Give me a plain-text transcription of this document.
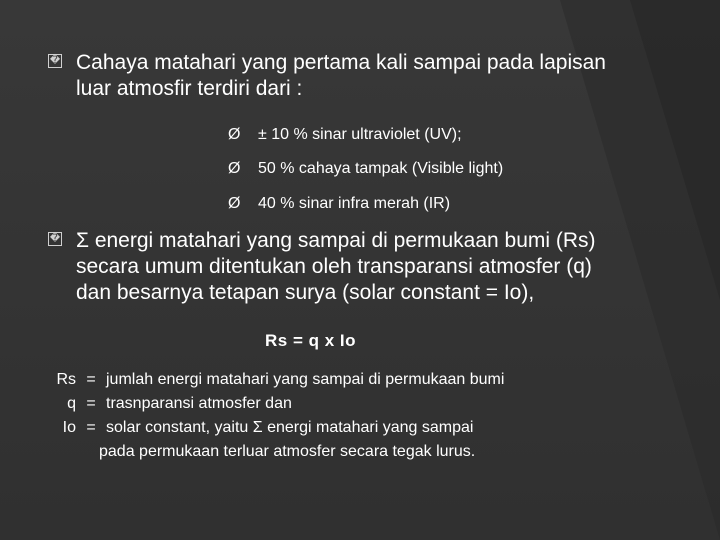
� Cahaya matahari yang pertama kali sampai pada lapisan
luar atmosfir terdiri dari :
Ø ± 10 % sinar ultraviolet (UV);
Ø 50 % cahaya tampak (Visible light)
Ø 40 % sinar infra merah (IR)
� Σ energi matahari yang sampai di permukaan bumi (Rs)
secara umum ditentukan oleh transparansi atmosfer (q)
dan besarnya tetapan surya (solar constant = Io),
Rs = q x Io
Rs = jumlah energi matahari yang sampai di permukaan bumi
q = trasnparansi atmosfer dan
Io = solar constant, yaitu Σ energi matahari yang sampai
pada permukaan terluar atmosfer secara tegak lurus.
